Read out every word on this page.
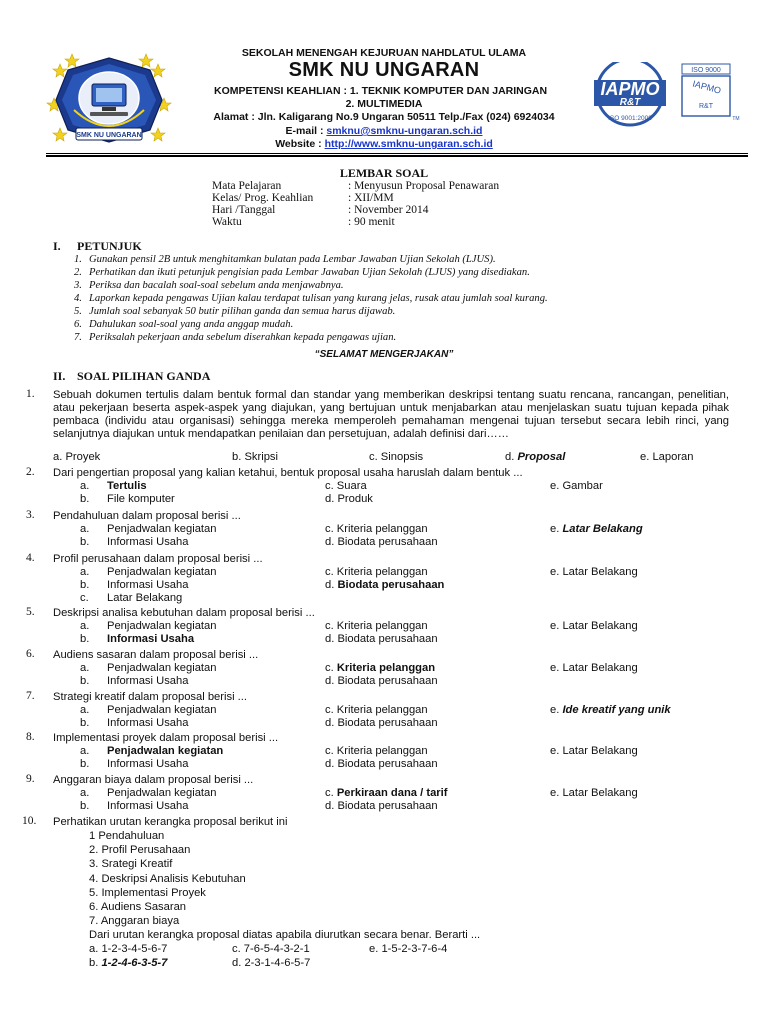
SMK NU UNGARAN
IAPMO
R&T
ISO 9001:2008
ISO 9000
IAPMO
R&T
TM
SEKOLAH MENENGAH KEJURUAN NAHDLATUL ULAMA
SMK NU UNGARAN
KOMPETENSI KEAHLIAN : 1. TEKNIK KOMPUTER DAN JARINGAN
2. MULTIMEDIA
Alamat : Jln. Kaligarang No.9 Ungaran 50511 Telp./Fax (024) 6924034
E-mail : smknu@smknu-ungaran.sch.id
Website : http://www.smknu-ungaran.sch.id
LEMBAR SOAL
Mata Pelajaran	: Menyusun Proposal Penawaran
Kelas/ Prog. Keahlian	: XII/MM
Hari /Tanggal	: November 2014
Waktu	: 90 menit
I. PETUNJUK
1. Gunakan pensil 2B untuk menghitamkan bulatan pada Lembar Jawaban Ujian Sekolah (LJUS).
2. Perhatikan dan ikuti petunjuk pengisian pada Lembar Jawaban Ujian Sekolah (LJUS) yang disediakan.
3. Periksa dan bacalah soal-soal sebelum anda menjawabnya.
4. Laporkan kepada pengawas Ujian kalau terdapat tulisan yang kurang jelas, rusak atau jumlah soal kurang.
5. Jumlah soal sebanyak 50 butir pilihan ganda dan semua harus dijawab.
6. Dahulukan soal-soal yang anda anggap mudah.
7. Periksalah pekerjaan anda sebelum diserahkan kepada pengawas ujian.
“SELAMAT MENGERJAKAN”
II. SOAL PILIHAN GANDA
1. Sebuah dokumen tertulis dalam bentuk formal dan standar yang memberikan deskripsi tentang suatu rencana, rancangan, penelitian, atau pekerjaan beserta aspek-aspek yang diajukan, yang bertujuan untuk menjabarkan atau menjelaskan suatu tujuan kepada pihak pembaca (individu atau organisasi) sehingga mereka memperoleh pemahaman mengenai tujuan tersebut secara lebih rinci, yang selanjutnya diajukan untuk mendapatkan penilaian dan persetujuan, adalah definisi dari……
a. Proyek	b. Skripsi	c. Sinopsis	d. Proposal	e. Laporan
2. Dari pengertian proposal yang kalian ketahui, bentuk proposal usaha haruslah dalam bentuk ...
a. Tertulis
b. File komputer
c. Suara
d. Produk
e. Gambar
3. Pendahuluan dalam proposal berisi ...
a. Penjadwalan kegiatan
b. Informasi Usaha
c. Kriteria pelanggan
d. Biodata perusahaan
e. Latar Belakang
4. Profil perusahaan dalam proposal berisi ...
a. Penjadwalan kegiatan
b. Informasi Usaha
c. Latar Belakang
c. Kriteria pelanggan
d. Biodata perusahaan
e. Latar Belakang
5. Deskripsi analisa kebutuhan dalam proposal berisi ...
a. Penjadwalan kegiatan
b. Informasi Usaha
c. Kriteria pelanggan
d. Biodata perusahaan
e. Latar Belakang
6. Audiens sasaran dalam proposal berisi ...
a. Penjadwalan kegiatan
b. Informasi Usaha
c. Kriteria pelanggan
d. Biodata perusahaan
e. Latar Belakang
7. Strategi kreatif dalam proposal berisi ...
a. Penjadwalan kegiatan
b. Informasi Usaha
c. Kriteria pelanggan
d. Biodata perusahaan
e. Ide kreatif yang unik
8. Implementasi proyek dalam proposal berisi ...
a. Penjadwalan kegiatan
b. Informasi Usaha
c. Kriteria pelanggan
d. Biodata perusahaan
e. Latar Belakang
9. Anggaran biaya dalam proposal berisi ...
a. Penjadwalan kegiatan
b. Informasi Usaha
c. Perkiraan dana / tarif
d. Biodata perusahaan
e. Latar Belakang
10. Perhatikan urutan kerangka proposal berikut ini
1 Pendahuluan
2. Profil Perusahaan
3. Srategi Kreatif
4. Deskripsi Analisis Kebutuhan
5. Implementasi Proyek
6. Audiens Sasaran
7. Anggaran biaya
Dari urutan kerangka proposal diatas apabila diurutkan secara benar. Berarti ...
a. 1-2-3-4-5-6-7
b. 1-2-4-6-3-5-7
c. 7-6-5-4-3-2-1
d. 2-3-1-4-6-5-7
e. 1-5-2-3-7-6-4
